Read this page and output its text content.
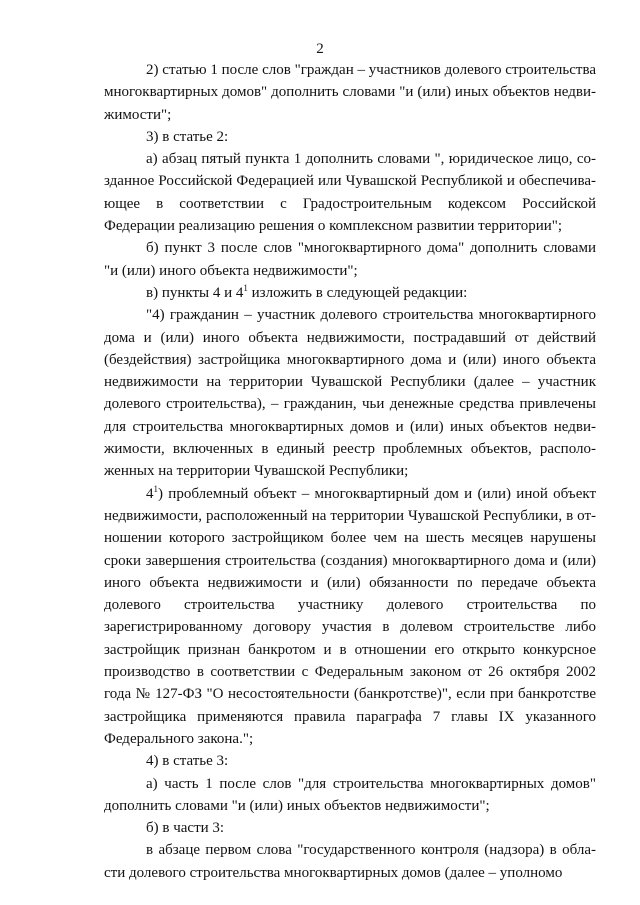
2

2) статью 1 после слов "граждан – участников долевого строительства многоквартирных домов" дополнить словами "и (или) иных объектов недвижимости";

3) в статье 2:

а) абзац пятый пункта 1 дополнить словами ", юридическое лицо, созданное Российской Федерацией или Чувашской Республикой и обеспечивающее в соответствии с Градостроительным кодексом Российской Федерации реализацию решения о комплексном развитии территории";

б) пункт 3 после слов "многоквартирного дома" дополнить словами "и (или) иного объекта недвижимости";

в) пункты 4 и $4^1$ изложить в следующей редакции:

"4) гражданин – участник долевого строительства многоквартирного дома и (или) иного объекта недвижимости, пострадавший от действий (бездействия) застройщика многоквартирного дома и (или) иного объекта недвижимости на территории Чувашской Республики (далее – участник долевого строительства), – гражданин, чьи денежные средства привлечены для строительства многоквартирных домов и (или) иных объектов недвижимости, включенных в единый реестр проблемных объектов, расположенных на территории Чувашской Республики;

$4^1$) проблемный объект – многоквартирный дом и (или) иной объект недвижимости, расположенный на территории Чувашской Республики, в отношении которого застройщиком более чем на шесть месяцев нарушены сроки завершения строительства (создания) многоквартирного дома и (или) иного объекта недвижимости и (или) обязанности по передаче объекта долевого строительства участнику долевого строительства по зарегистрированному договору участия в долевом строительстве либо застройщик признан банкротом и в отношении его открыто конкурсное производство в соответствии с Федеральным законом от 26 октября 2002 года № 127-ФЗ "О несостоятельности (банкротстве)", если при банкротстве застройщика применяются правила параграфа 7 главы IX указанного Федерального закона.";

4) в статье 3:

а) часть 1 после слов "для строительства многоквартирных домов" дополнить словами "и (или) иных объектов недвижимости";

б) в части 3:

в абзаце первом слова "государственного контроля (надзора) в области долевого строительства многоквартирных домов (далее – уполномо
